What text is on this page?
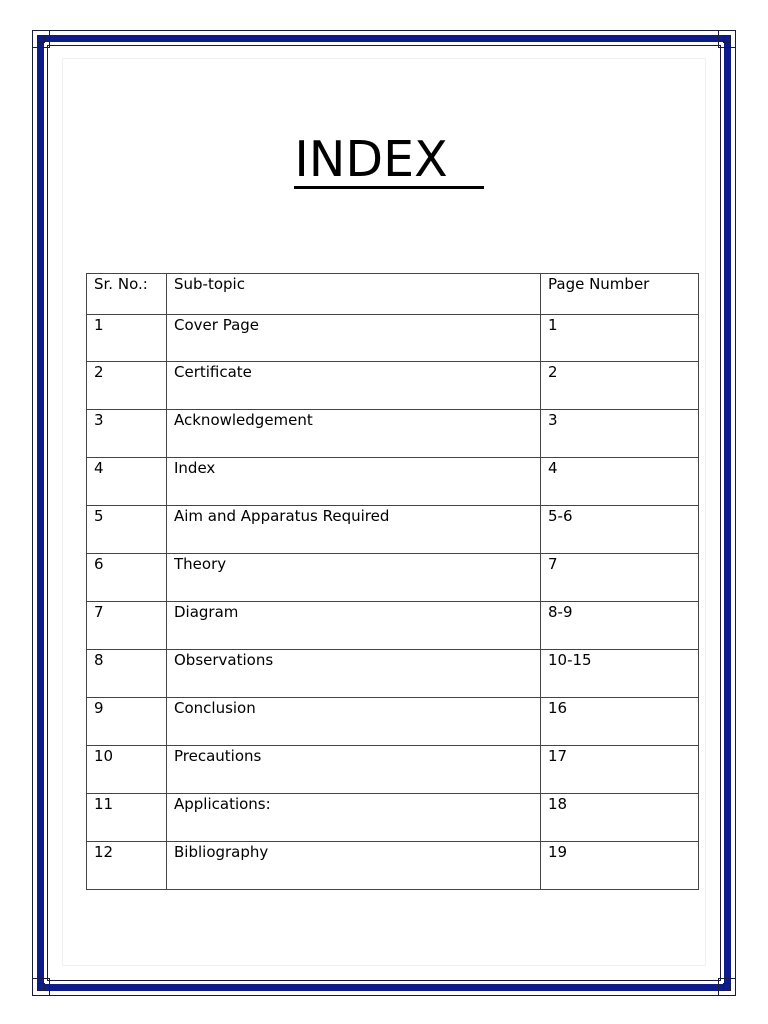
INDEX
Sr. No.:	Sub-topic	Page Number
1	Cover Page	1
2	Certificate	2
3	Acknowledgement	3
4	Index	4
5	Aim and Apparatus Required	5-6
6	Theory	7
7	Diagram	8-9
8	Observations	10-15
9	Conclusion	16
10	Precautions	17
11	Applications:	18
12	Bibliography	19
